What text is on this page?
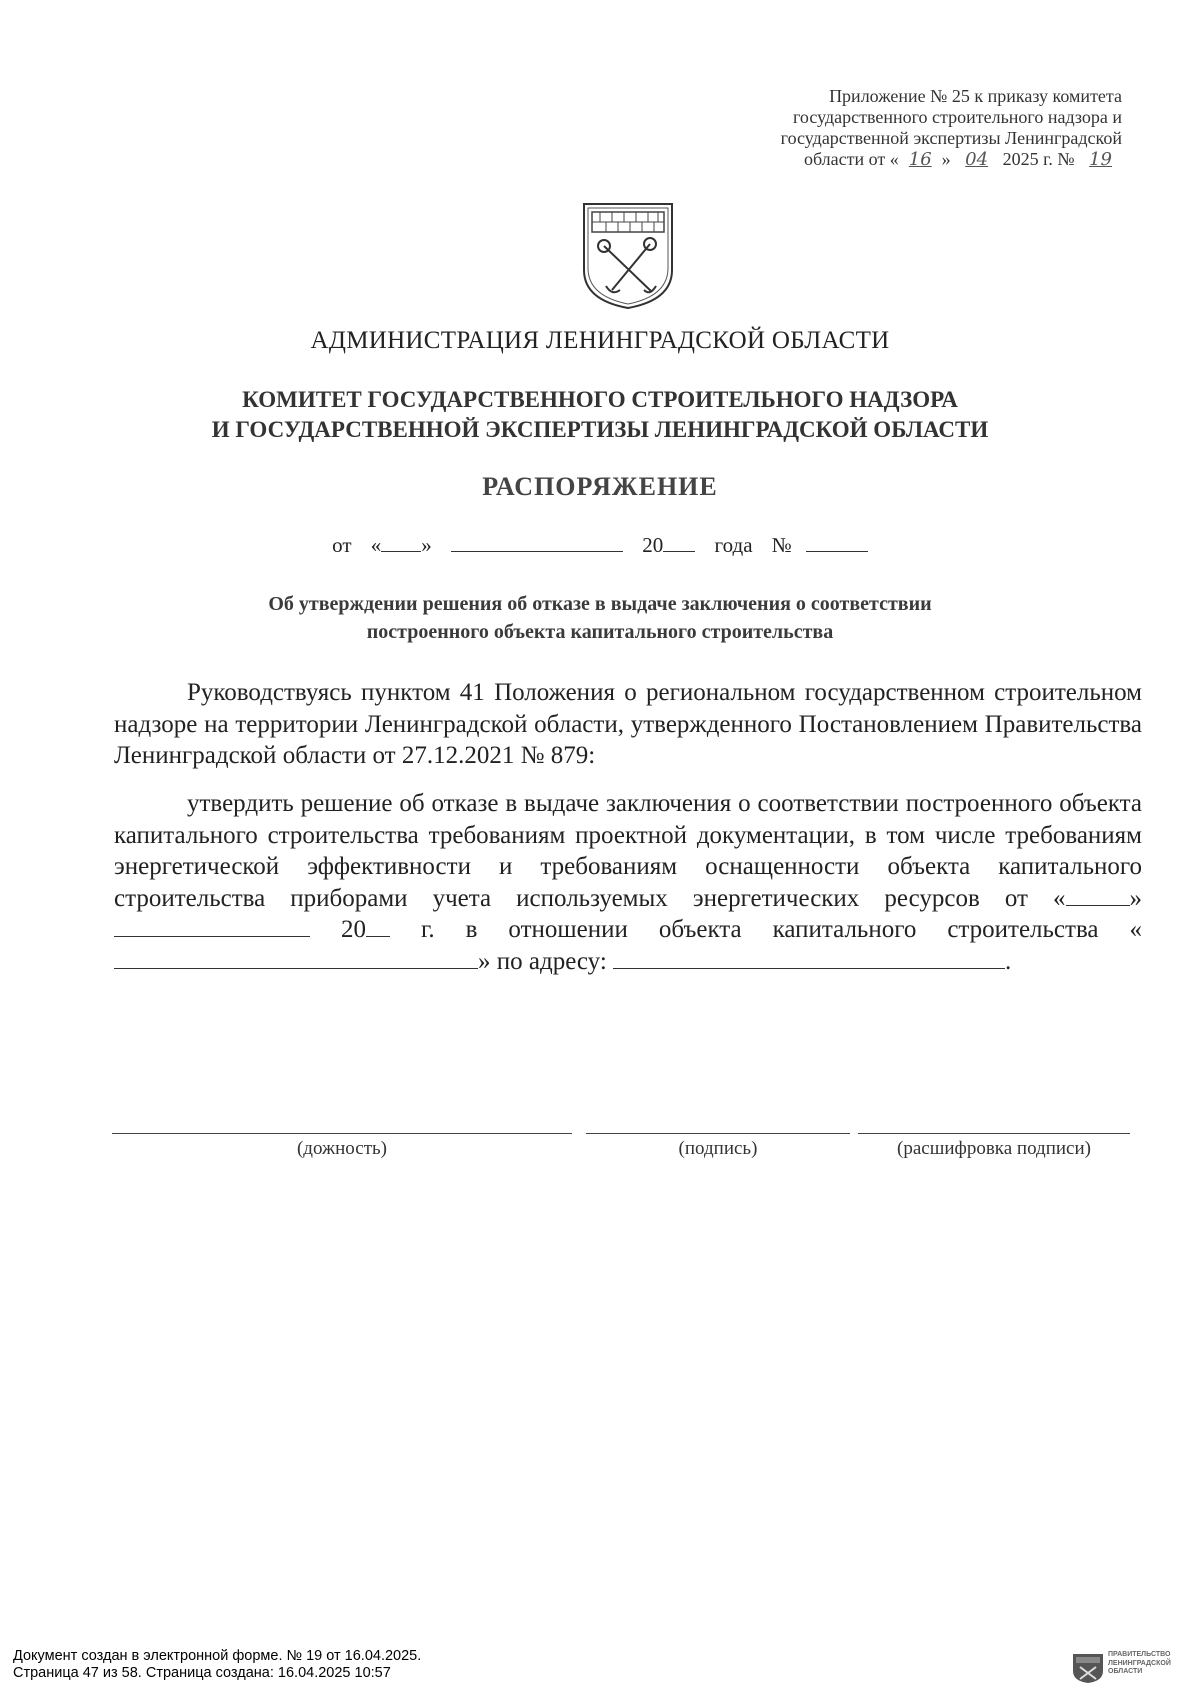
Приложение № 25 к приказу комитета
государственного строительного надзора и
государственной экспертизы Ленинградской
области от « 16 » 04 2025 г. № 19
АДМИНИСТРАЦИЯ ЛЕНИНГРАДСКОЙ ОБЛАСТИ
КОМИТЕТ ГОСУДАРСТВЕННОГО СТРОИТЕЛЬНОГО НАДЗОРА
И ГОСУДАРСТВЕННОЙ ЭКСПЕРТИЗЫ ЛЕНИНГРАДСКОЙ ОБЛАСТИ
РАСПОРЯЖЕНИЕ
от « »	20 года №
Об утверждении решения об отказе в выдаче заключения о соответствии
построенного объекта капитального строительства
Руководствуясь пунктом 41 Положения о региональном государственном строительном надзоре на территории Ленинградской области, утвержденного Постановлением Правительства Ленинградской области от 27.12.2021 № 879:
утвердить решение об отказе в выдаче заключения о соответствии построенного объекта капитального строительства требованиям проектной документации, в том числе требованиям энергетической эффективности и требованиям оснащенности объекта капитального строительства приборами учета используемых энергетических ресурсов от «	»  20 г. в отношении объекта капитального строительства «» по адресу:	.
(дожность)	(подпись)	(расшифровка подписи)
Документ создан в электронной форме. № 19 от 16.04.2025.
Страница 47 из 58. Страница создана: 16.04.2025 10:57
ПРАВИТЕЛЬСТВО
ЛЕНИНГРАДСКОЙ
ОБЛАСТИ
